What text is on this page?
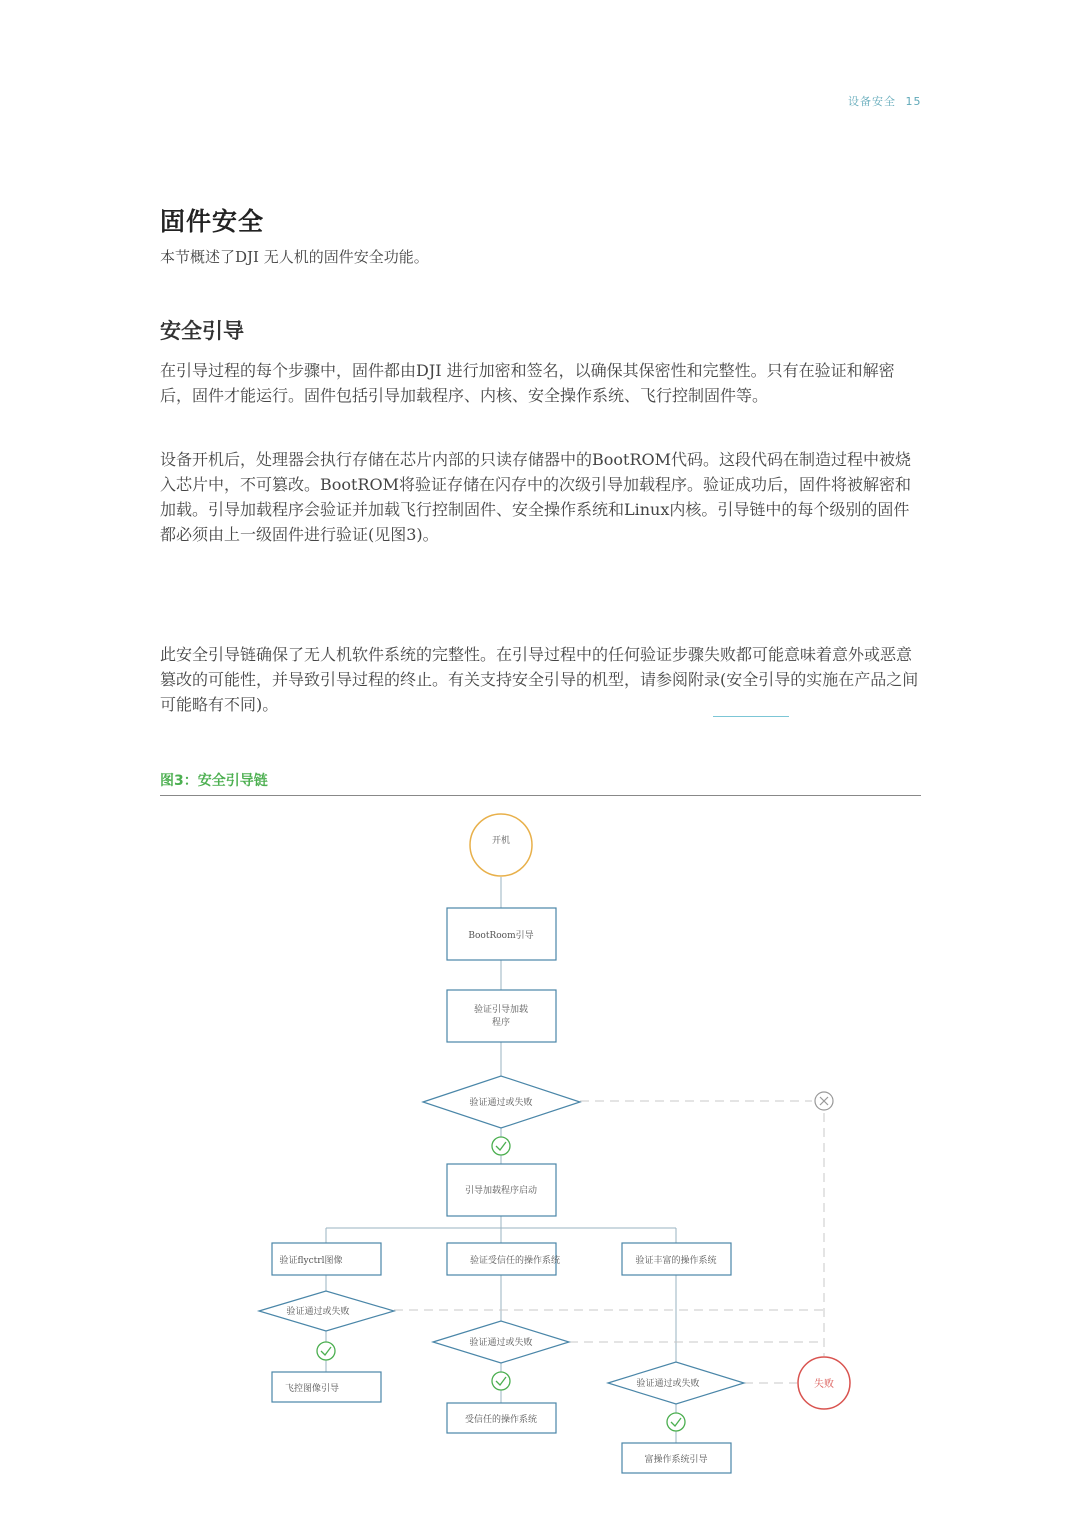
设备安全 15
固件安全
本节概述了DJI 无人机的固件安全功能。
安全引导

在引导过程的每个步骤中，固件都由DJI 进行加密和签名，以确保其保密性和完整性。只有在验证和解密后，固件才能运行。固件包括引导加载程序、内核、安全操作系统、飞行控制固件等。

设备开机后，处理器会执行存储在芯片内部的只读存储器中的BootROM代码。这段代码在制造过程中被烧入芯片中，不可篡改。BootROM将验证存储在闪存中的次级引导加载程序。验证成功后，固件将被解密和加载。引导加载程序会验证并加载飞行控制固件、安全操作系统和Linux内核。引导链中的每个级别的固件都必须由上一级固件进行验证(见图3)。

此安全引导链确保了无人机软件系统的完整性。在引导过程中的任何验证步骤失败都可能意味着意外或恶意篡改的可能性，并导致引导过程的终止。有关支持安全引导的机型，请参阅附录(安全引导的实施在产品之间可能略有不同)。

图3：安全引导链
开机
BootRoom引导
验证引导加载
程序
验证通过或失败
引导加载程序启动
验证flyctrl图像	验证受信任的操作系统	验证丰富的操作系统
验证通过或失败
验证通过或失败
验证通过或失败
飞控图像引导
受信任的操作系统
富操作系统引导
失败
